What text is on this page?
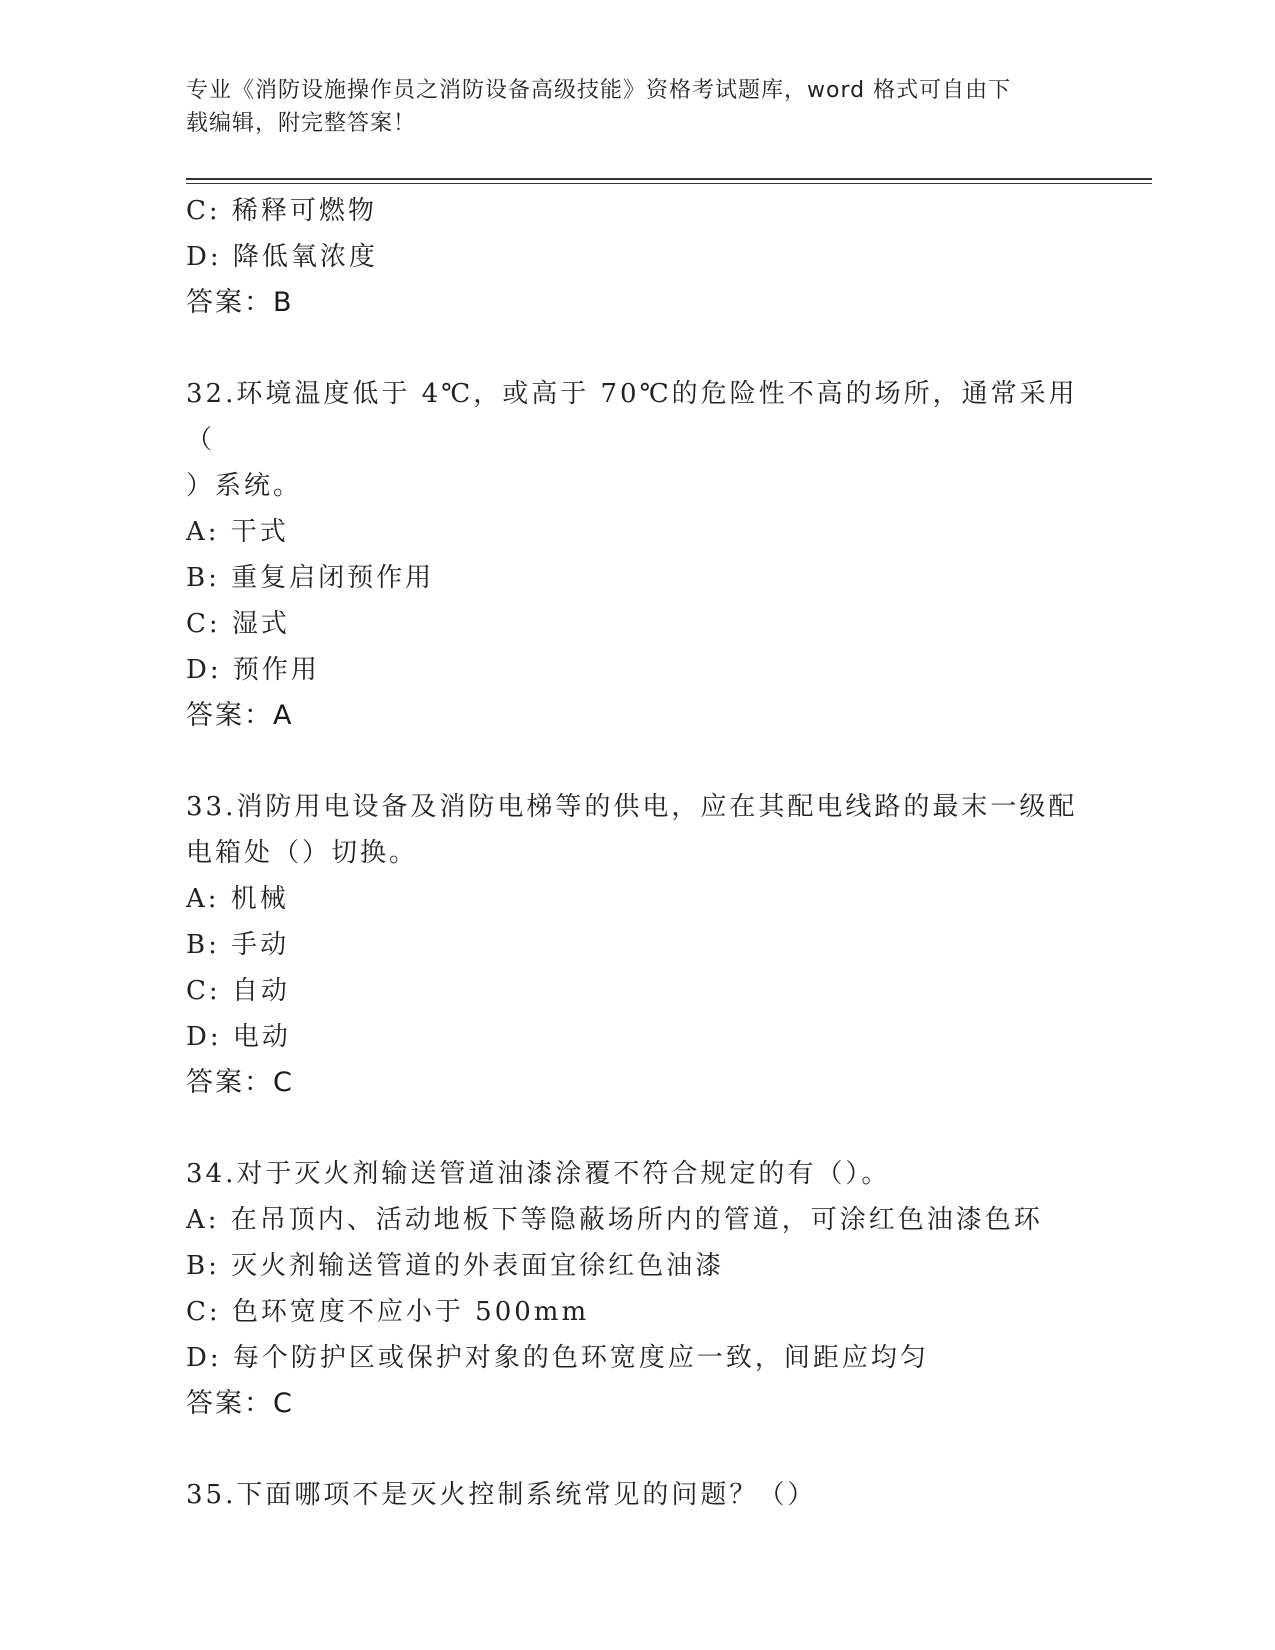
专业《消防设施操作员之消防设备高级技能》资格考试题库，word 格式可自由下
载编辑，附完整答案！
C: 稀释可燃物
D: 降低氧浓度
答案：B
32.环境温度低于 4℃，或高于 70℃的危险性不高的场所，通常采用（
）系统。
A: 干式
B: 重复启闭预作用
C: 湿式
D: 预作用
答案：A
33.消防用电设备及消防电梯等的供电，应在其配电线路的最末一级配
电箱处（）切换。
A: 机械
B: 手动
C: 自动
D: 电动
答案：C
34.对于灭火剂输送管道油漆涂覆不符合规定的有（）。
A: 在吊顶内、活动地板下等隐蔽场所内的管道，可涂红色油漆色环
B: 灭火剂输送管道的外表面宜徐红色油漆
C: 色环宽度不应小于 500mm
D: 每个防护区或保护对象的色环宽度应一致，间距应均匀
答案：C
35.下面哪项不是灭火控制系统常见的问题？（）
